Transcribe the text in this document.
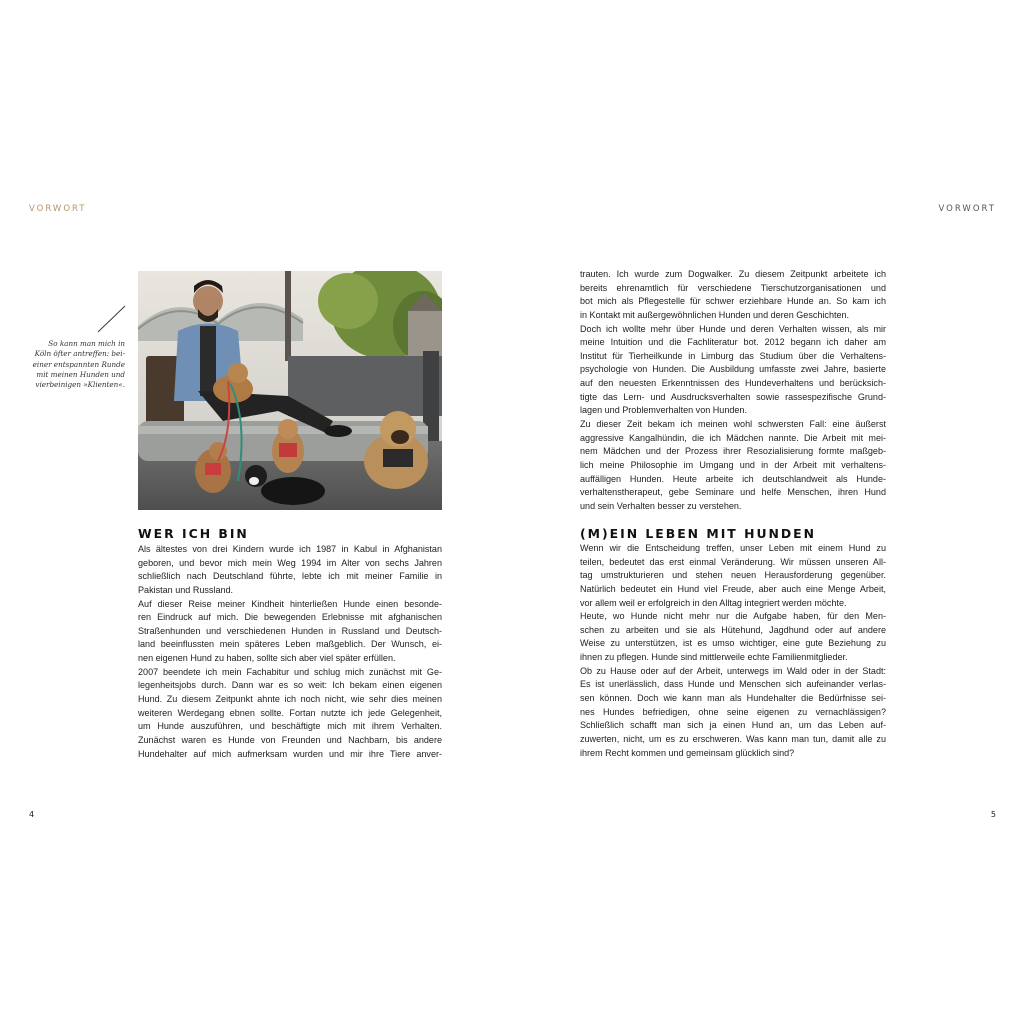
VORWORT	VORWORT
So kann man mich in
Köln öfter antreffen: bei-
einer entspannten Runde
mit meinen Hunden und
vierbeinigen »Klienten«.
WER ICH BIN
Als ältestes von drei Kindern wurde ich 1987 in Kabul in Afghanistan
geboren, und bevor mich mein Weg 1994 im Alter von sechs Jahren
schließlich nach Deutschland führte, lebte ich mit meiner Familie in
Pakistan und Russland.
Auf dieser Reise meiner Kindheit hinterließen Hunde einen besonde-
ren Eindruck auf mich. Die bewegenden Erlebnisse mit afghanischen
Straßenhunden und verschiedenen Hunden in Russland und Deutsch-
land beeinflussten mein späteres Leben maßgeblich. Der Wunsch, ei-
nen eigenen Hund zu haben, sollte sich aber viel später erfüllen.
2007 beendete ich mein Fachabitur und schlug mich zunächst mit Ge-
legenheitsjobs durch. Dann war es so weit: Ich bekam einen eigenen
Hund. Zu diesem Zeitpunkt ahnte ich noch nicht, wie sehr dies meinen
weiteren Werdegang ebnen sollte. Fortan nutzte ich jede Gelegenheit,
um Hunde auszuführen, und beschäftigte mich mit ihrem Verhalten.
Zunächst waren es Hunde von Freunden und Nachbarn, bis andere
Hundehalter auf mich aufmerksam wurden und mir ihre Tiere anver-
trauten. Ich wurde zum Dogwalker. Zu diesem Zeitpunkt arbeitete ich
bereits ehrenamtlich für verschiedene Tierschutzorganisationen und
bot mich als Pflegestelle für schwer erziehbare Hunde an. So kam ich
in Kontakt mit außergewöhnlichen Hunden und deren Geschichten.
Doch ich wollte mehr über Hunde und deren Verhalten wissen, als mir
meine Intuition und die Fachliteratur bot. 2012 begann ich daher am
Institut für Tierheilkunde in Limburg das Studium über die Verhaltens-
psychologie von Hunden. Die Ausbildung umfasste zwei Jahre, basierte
auf den neuesten Erkenntnissen des Hundeverhaltens und berücksich-
tigte das Lern- und Ausdrucksverhalten sowie rassespezifische Grund-
lagen und Problemverhalten von Hunden.
Zu dieser Zeit bekam ich meinen wohl schwersten Fall: eine äußerst
aggressive Kangalhündin, die ich Mädchen nannte. Die Arbeit mit mei-
nem Mädchen und der Prozess ihrer Resozialisierung formte maßgeb-
lich meine Philosophie im Umgang und in der Arbeit mit verhaltens-
auffälligen Hunden. Heute arbeite ich deutschlandweit als Hunde-
verhaltenstherapeut, gebe Seminare und helfe Menschen, ihren Hund
und sein Verhalten besser zu verstehen.
(M)EIN LEBEN MIT HUNDEN
Wenn wir die Entscheidung treffen, unser Leben mit einem Hund zu
teilen, bedeutet das erst einmal Veränderung. Wir müssen unseren All-
tag umstrukturieren und stehen neuen Herausforderung gegenüber.
Natürlich bedeutet ein Hund viel Freude, aber auch eine Menge Arbeit,
vor allem weil er erfolgreich in den Alltag integriert werden möchte.
Heute, wo Hunde nicht mehr nur die Aufgabe haben, für den Men-
schen zu arbeiten und sie als Hütehund, Jagdhund oder auf andere
Weise zu unterstützen, ist es umso wichtiger, eine gute Beziehung zu
ihnen zu pflegen. Hunde sind mittlerweile echte Familienmitglieder.
Ob zu Hause oder auf der Arbeit, unterwegs im Wald oder in der Stadt:
Es ist unerlässlich, dass Hunde und Menschen sich aufeinander verlas-
sen können. Doch wie kann man als Hundehalter die Bedürfnisse sei-
nes Hundes befriedigen, ohne seine eigenen zu vernachlässigen?
Schließlich schafft man sich ja einen Hund an, um das Leben auf-
zuwerten, nicht, um es zu erschweren. Was kann man tun, damit alle zu
ihrem Recht kommen und gemeinsam glücklich sind?
4	5
